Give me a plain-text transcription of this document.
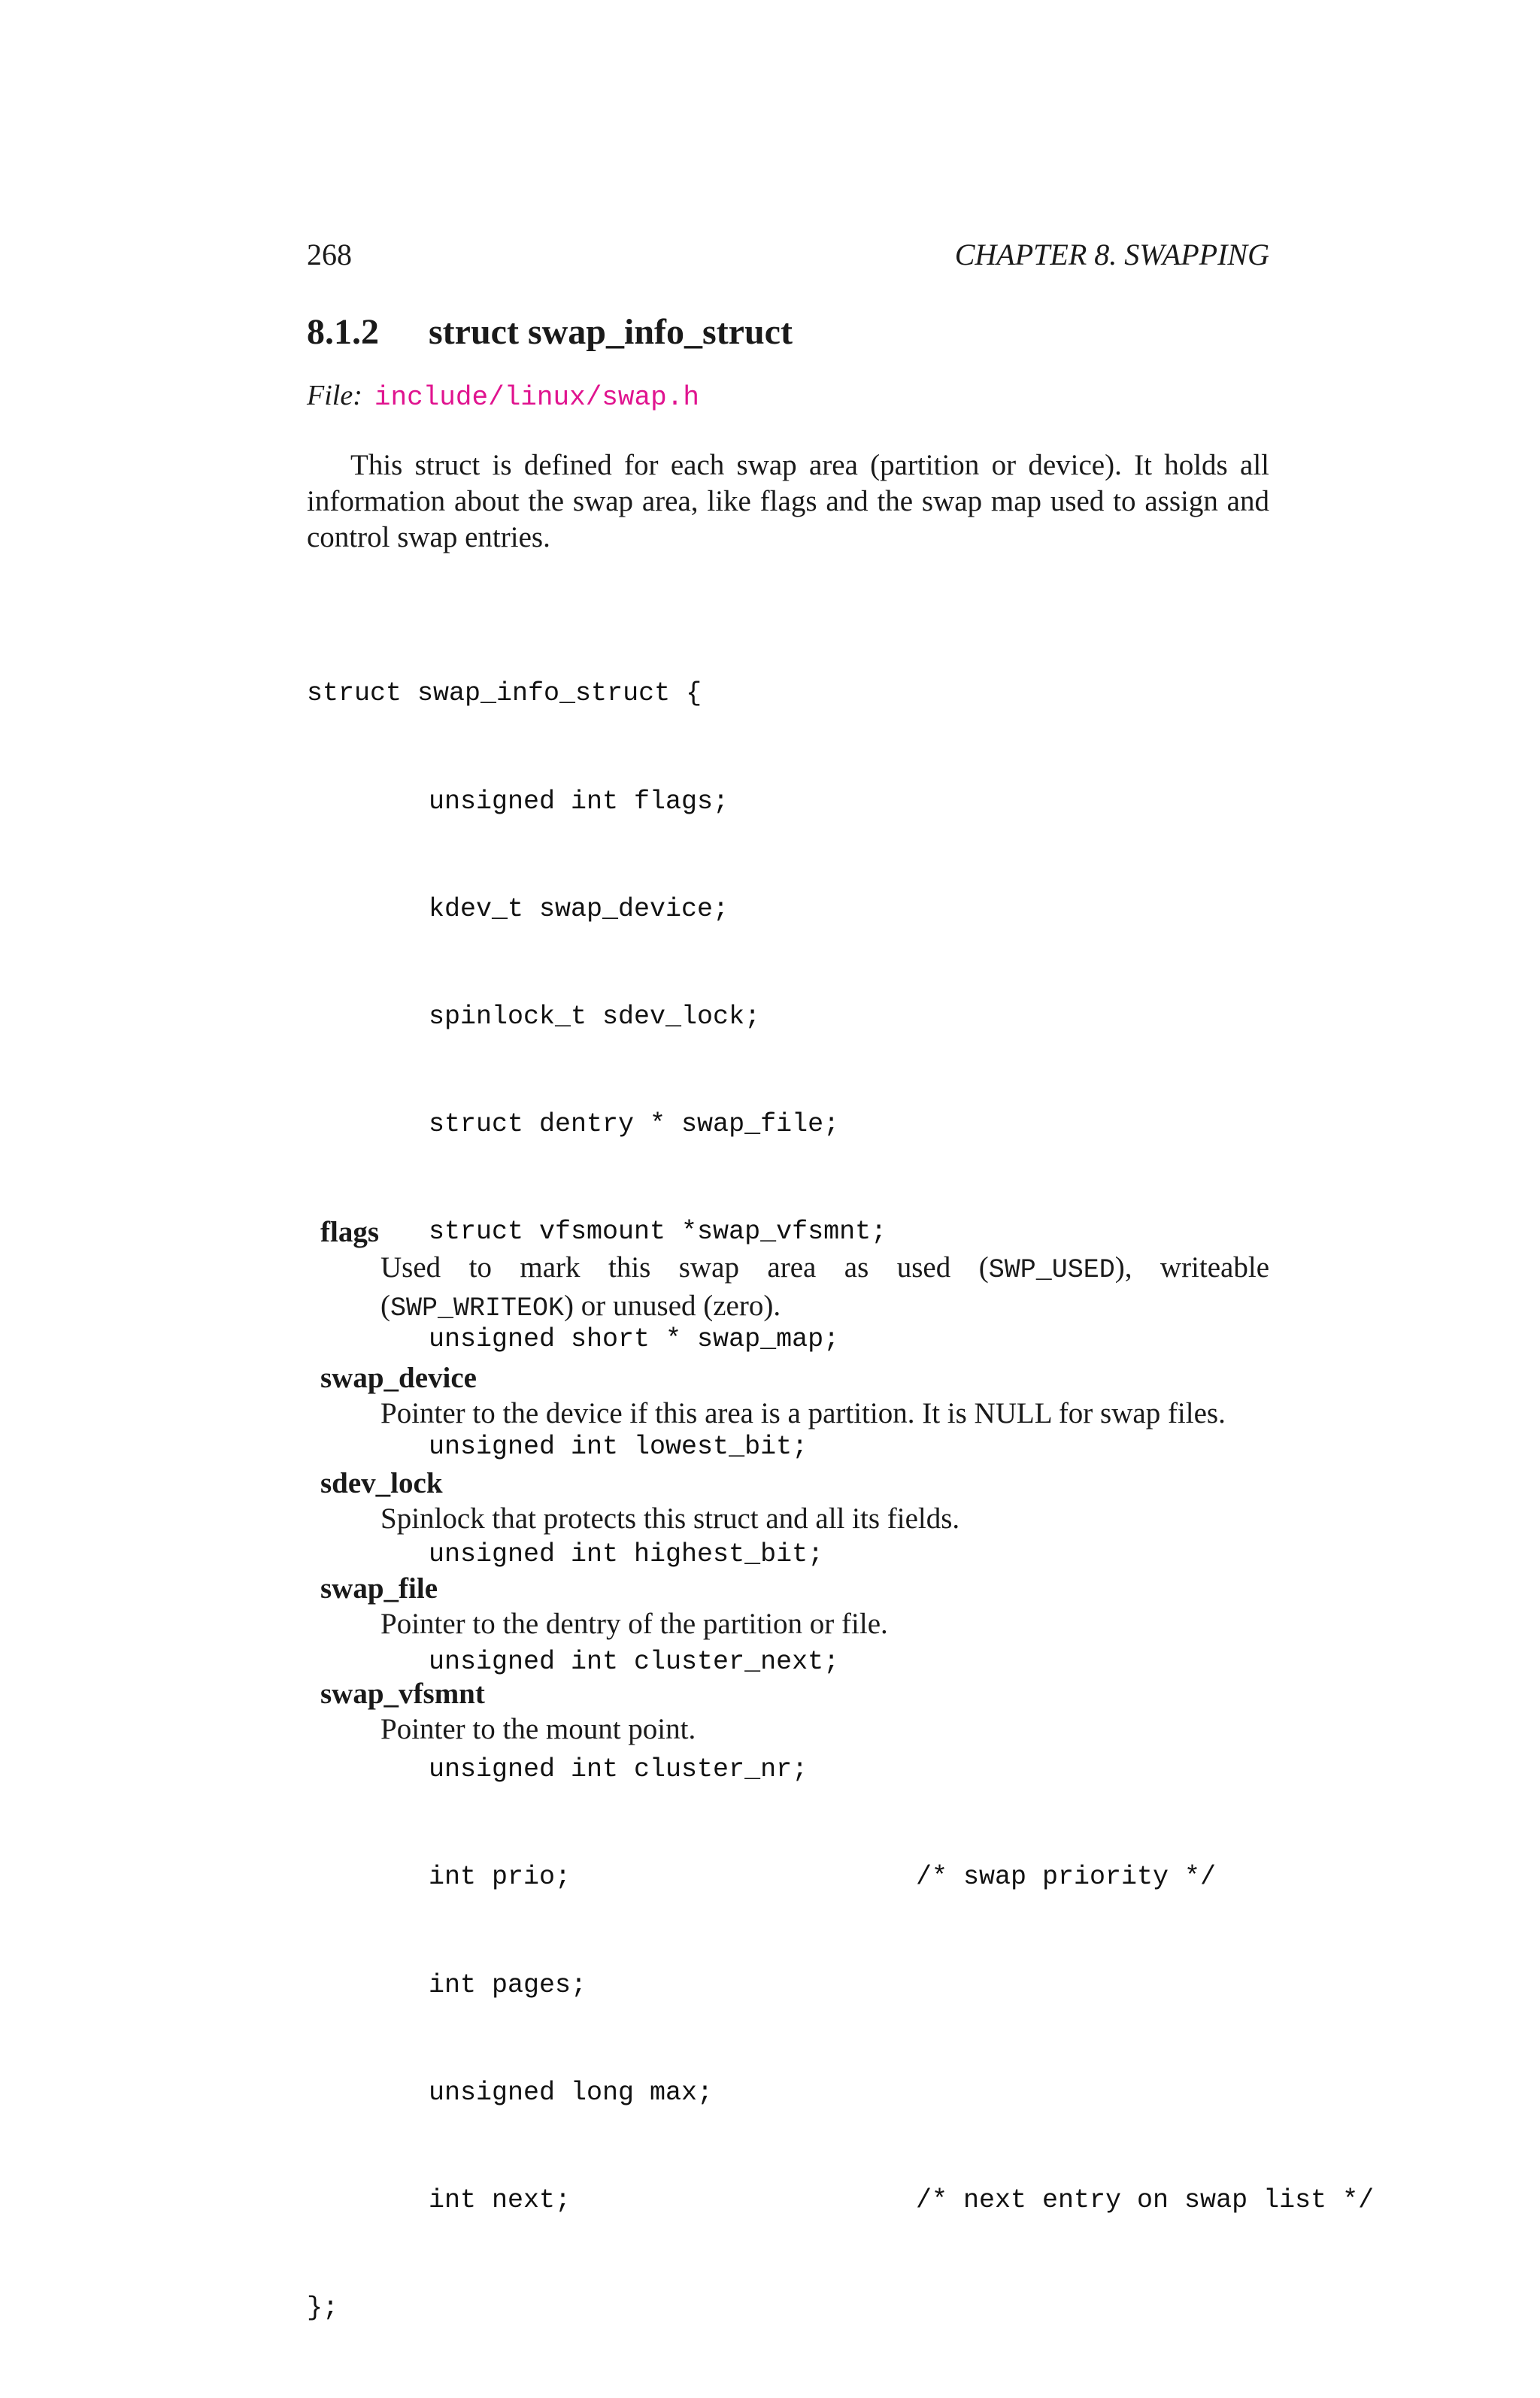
268	CHAPTER 8. SWAPPING
8.1.2 struct swap_info_struct
File: include/linux/swap.h

This struct is defined for each swap area (partition or device). It holds all information about the swap area, like flags and the swap map used to assign and control swap entries.

struct swap_info_struct {

unsigned int flags;

kdev_t swap_device;

spinlock_t sdev_lock;

struct dentry * swap_file;

struct vfsmount *swap_vfsmnt;

unsigned short * swap_map;

unsigned int lowest_bit;

unsigned int highest_bit;

unsigned int cluster_next;

unsigned int cluster_nr;

int prio;	/* swap priority */

int pages;

unsigned long max;

int next;	/* next entry on swap list */

};

flags
Used to mark this swap area as used (SWP_USED), writeable (SWP_WRITEOK) or unused (zero).
swap_device
Pointer to the device if this area is a partition. It is NULL for swap files.
sdev_lock
Spinlock that protects this struct and all its fields.
swap_file
Pointer to the dentry of the partition or file.
swap_vfsmnt
Pointer to the mount point.
